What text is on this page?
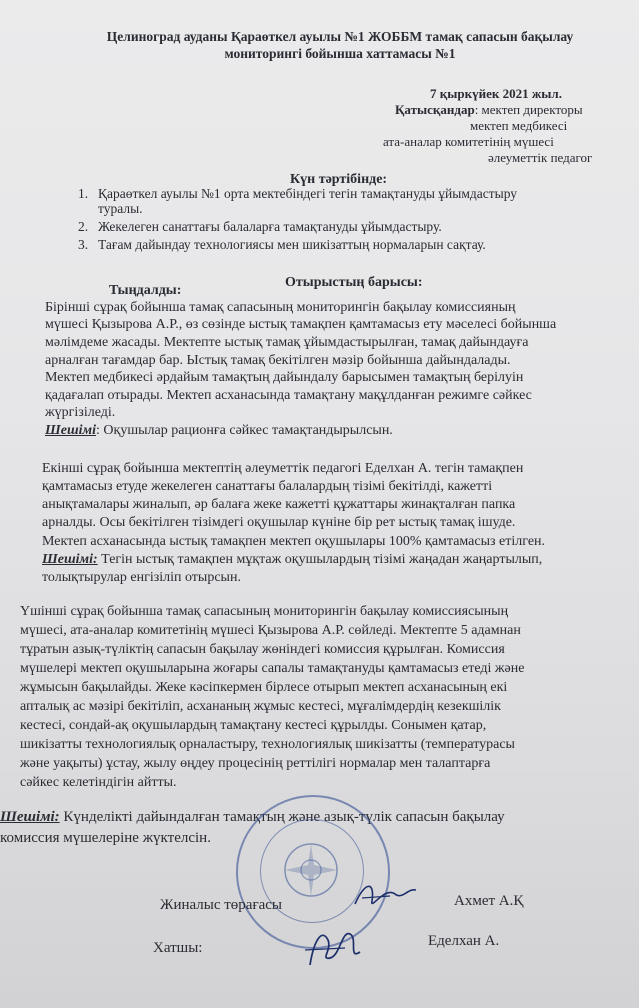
Целиноград ауданы Қараөткел ауылы №1 ЖОББМ тамақ сапасын бақылау
мониторингі бойынша хаттамасы №1
7 қыркүйек 2021 жыл.
Қатысқандар: мектеп директоры
мектеп медбикесі
ата-аналар комитетінің мүшесі
әлеуметтік педагог
Күн тәртібінде:
1. Қараөткел ауылы №1 орта мектебіндегі тегін тамақтануды ұйымдастыру
туралы.
2. Жекелеген санаттағы балаларға тамақтануды ұйымдастыру.
3. Тағам дайындау технологиясы мен шикізаттың нормаларын сақтау.
Отырыстың барысы:
Тыңдалды:
Бірінші сұрақ бойынша тамақ сапасының мониторингін бақылау комиссияның
мүшесі Қызырова А.Р., өз сөзінде ыстық тамақпен қамтамасыз ету мәселесі бойынша
мәлімдеме жасады. Мектепте ыстық тамақ ұйымдастырылған, тамақ дайындауға
арналған тағамдар бар. Ыстық тамақ бекітілген мәзір бойынша дайындалады.
Мектеп медбикесі әрдайым тамақтың дайындалу барысымен тамақтың берілуін
қадағалап отырады. Мектеп асханасында тамақтану мақұлданған режимге сәйкес
жүргізіледі.
Шешімі: Оқушылар рационға сәйкес тамақтандырылсын.
Екінші сұрақ бойынша мектептің әлеуметтік педагогі Еделхан А. тегін тамақпен
қамтамасыз етуде жекелеген санаттағы балалардың тізімі бекітілді, кажетті
анықтамалары жиналып, әр балаға жеке кажетті құжаттары жинақталған папка
арналды. Осы бекітілген тізімдегі оқушылар күніне бір рет ыстық тамақ ішуде.
Мектеп асханасында ыстық тамақпен мектеп оқушылары 100% қамтамасыз етілген.
Шешімі: Тегін ыстық тамақпен мұқтаж оқушылардың тізімі жаңадан жаңартылып,
толықтырулар енгізіліп отырсын.
Үшінші сұрақ бойынша тамақ сапасының мониторингін бақылау комиссиясының
мүшесі, ата-аналар комитетінің мүшесі Қызырова А.Р. сөйледі. Мектепте 5 адамнан
тұратын азық-түліктің сапасын бақылау жөніндегі комиссия құрылған. Комиссия
мүшелері мектеп оқушыларына жоғары сапалы тамақтануды қамтамасыз етеді және
жұмысын бақылайды. Жеке кәсіпкермен бірлесе отырып мектеп асханасының екі
апталық ас мәзірі бекітіліп, асхананың жұмыс кестесі, мұғалімдердің кезекшілік
кестесі, сондай-ақ оқушылардың тамақтану кестесі құрылды. Сонымен қатар,
шикізатты технологиялық орналастыру, технологиялық шикізатты (температурасы
және уақыты) ұстау, жылу өңдеу процесінің реттілігі нормалар мен талаптарға
сәйкес келетіндігін айтты.
Шешімі: Күнделікті дайындалған тамақтың және азық-түлік сапасын бақылау
комиссия мүшелеріне жүктелсін.
Жиналыс төрағасы	Ахмет А.Қ
Хатшы:	Еделхан А.
